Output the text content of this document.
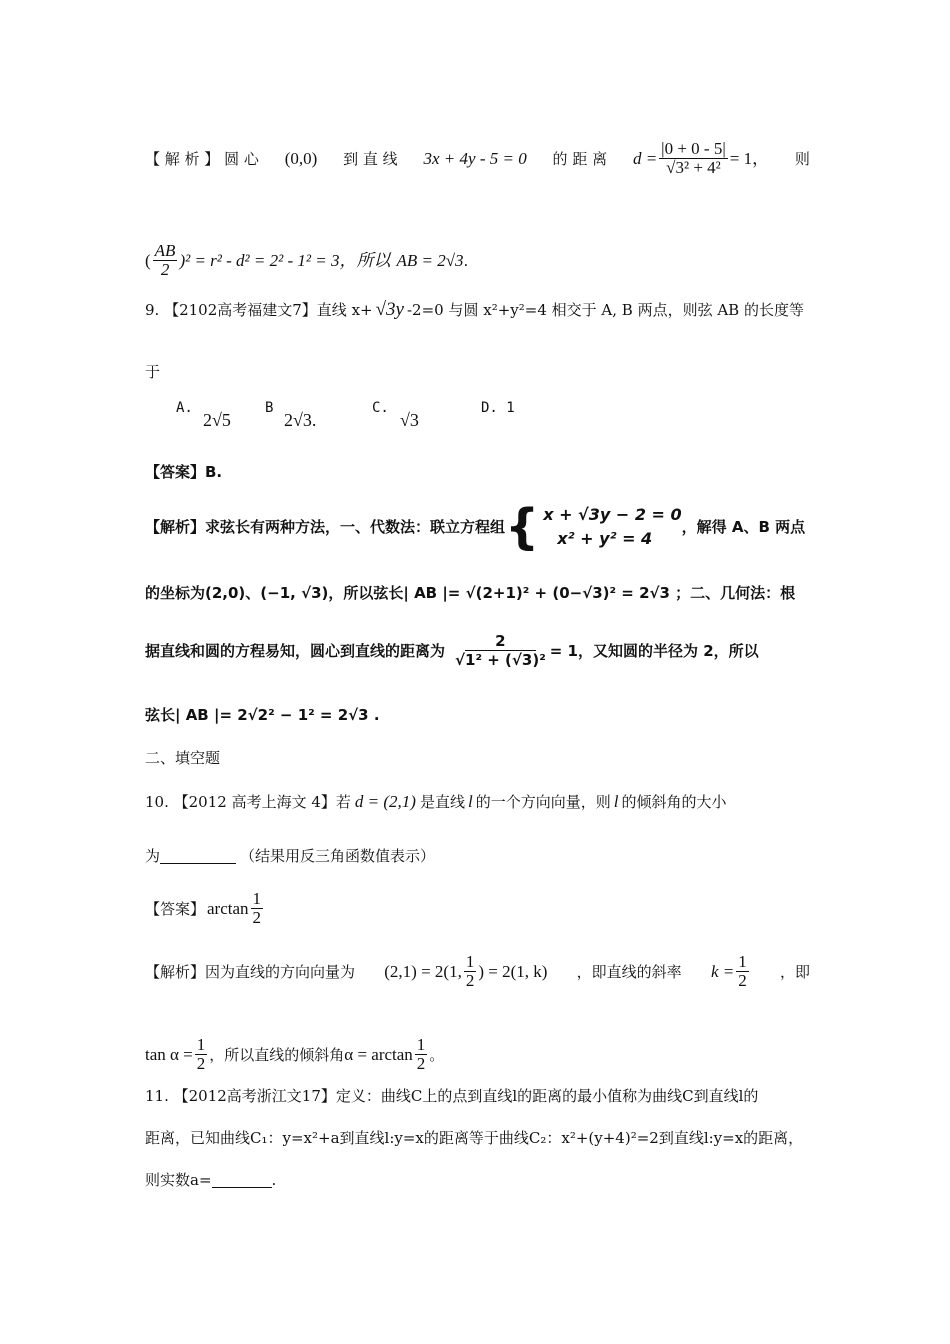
【 解 析 】 圆 心 (0,0) 到 直 线 3x + 4y - 5 = 0 的 距 离 $d = \frac{|0 + 0 - 5|}{\text{√3² + 4²}} = 1$， 则
( $\frac{AB}{2} )^2 = r^2 - d^2 = 2^2 - 1^2 = 3$，所以 AB = 2√3 .
9. 【2102高考福建文7】直线 x+ √3y -2=0 与圆 x²+y²=4 相交于 A, B 两点，则弦 AB 的长度等
于
A.
2√5
B
2√3.
C.
√3
D. 1
【答案】B.
【解析】求弦长有两种方法，一、代数法：联立方程组 { x + √3y − 2 = 0
x² + y² = 4
，解得 A、B 两点
的坐标为(2,0)、(−1, √3)，所以弦长| AB |= √(2+1)² + (0−√3)² = 2√3 ；二、几何法：根
据直线和圆的方程易知，圆心到直线的距离为 $\frac{2}{\text{√1² + (√3)²}} = 1$，又知圆的半径为 2，所以
弦长| AB |= 2√2² − 1² = 2√3 .
二、填空题
10. 【2012 高考上海文 4】若 d = (2,1) 是直线 l 的一个方向向量，则 l 的倾斜角的大小
为	（结果用反三角函数值表示）
【答案】 $\arctan \frac{1}{2}$
【解析】因为直线的方向向量为 (2,1) = 2(1, $\frac{1}{2}$ ) = 2(1, k) ，即直线的斜率 $k = \frac{1}{2}$ ，即
$\tan \alpha = \frac{1}{2}$ ，所以直线的倾斜角 $\alpha = \arctan \frac{1}{2}$ 。
11. 【2012高考浙江文17】定义：曲线C上的点到直线l的距离的最小值称为曲线C到直线l的
距离，已知曲线C₁：y=x²+a到直线l:y=x的距离等于曲线C₂：x²+(y+4)²=2到直线l:y=x的距离，
则实数a=	.
